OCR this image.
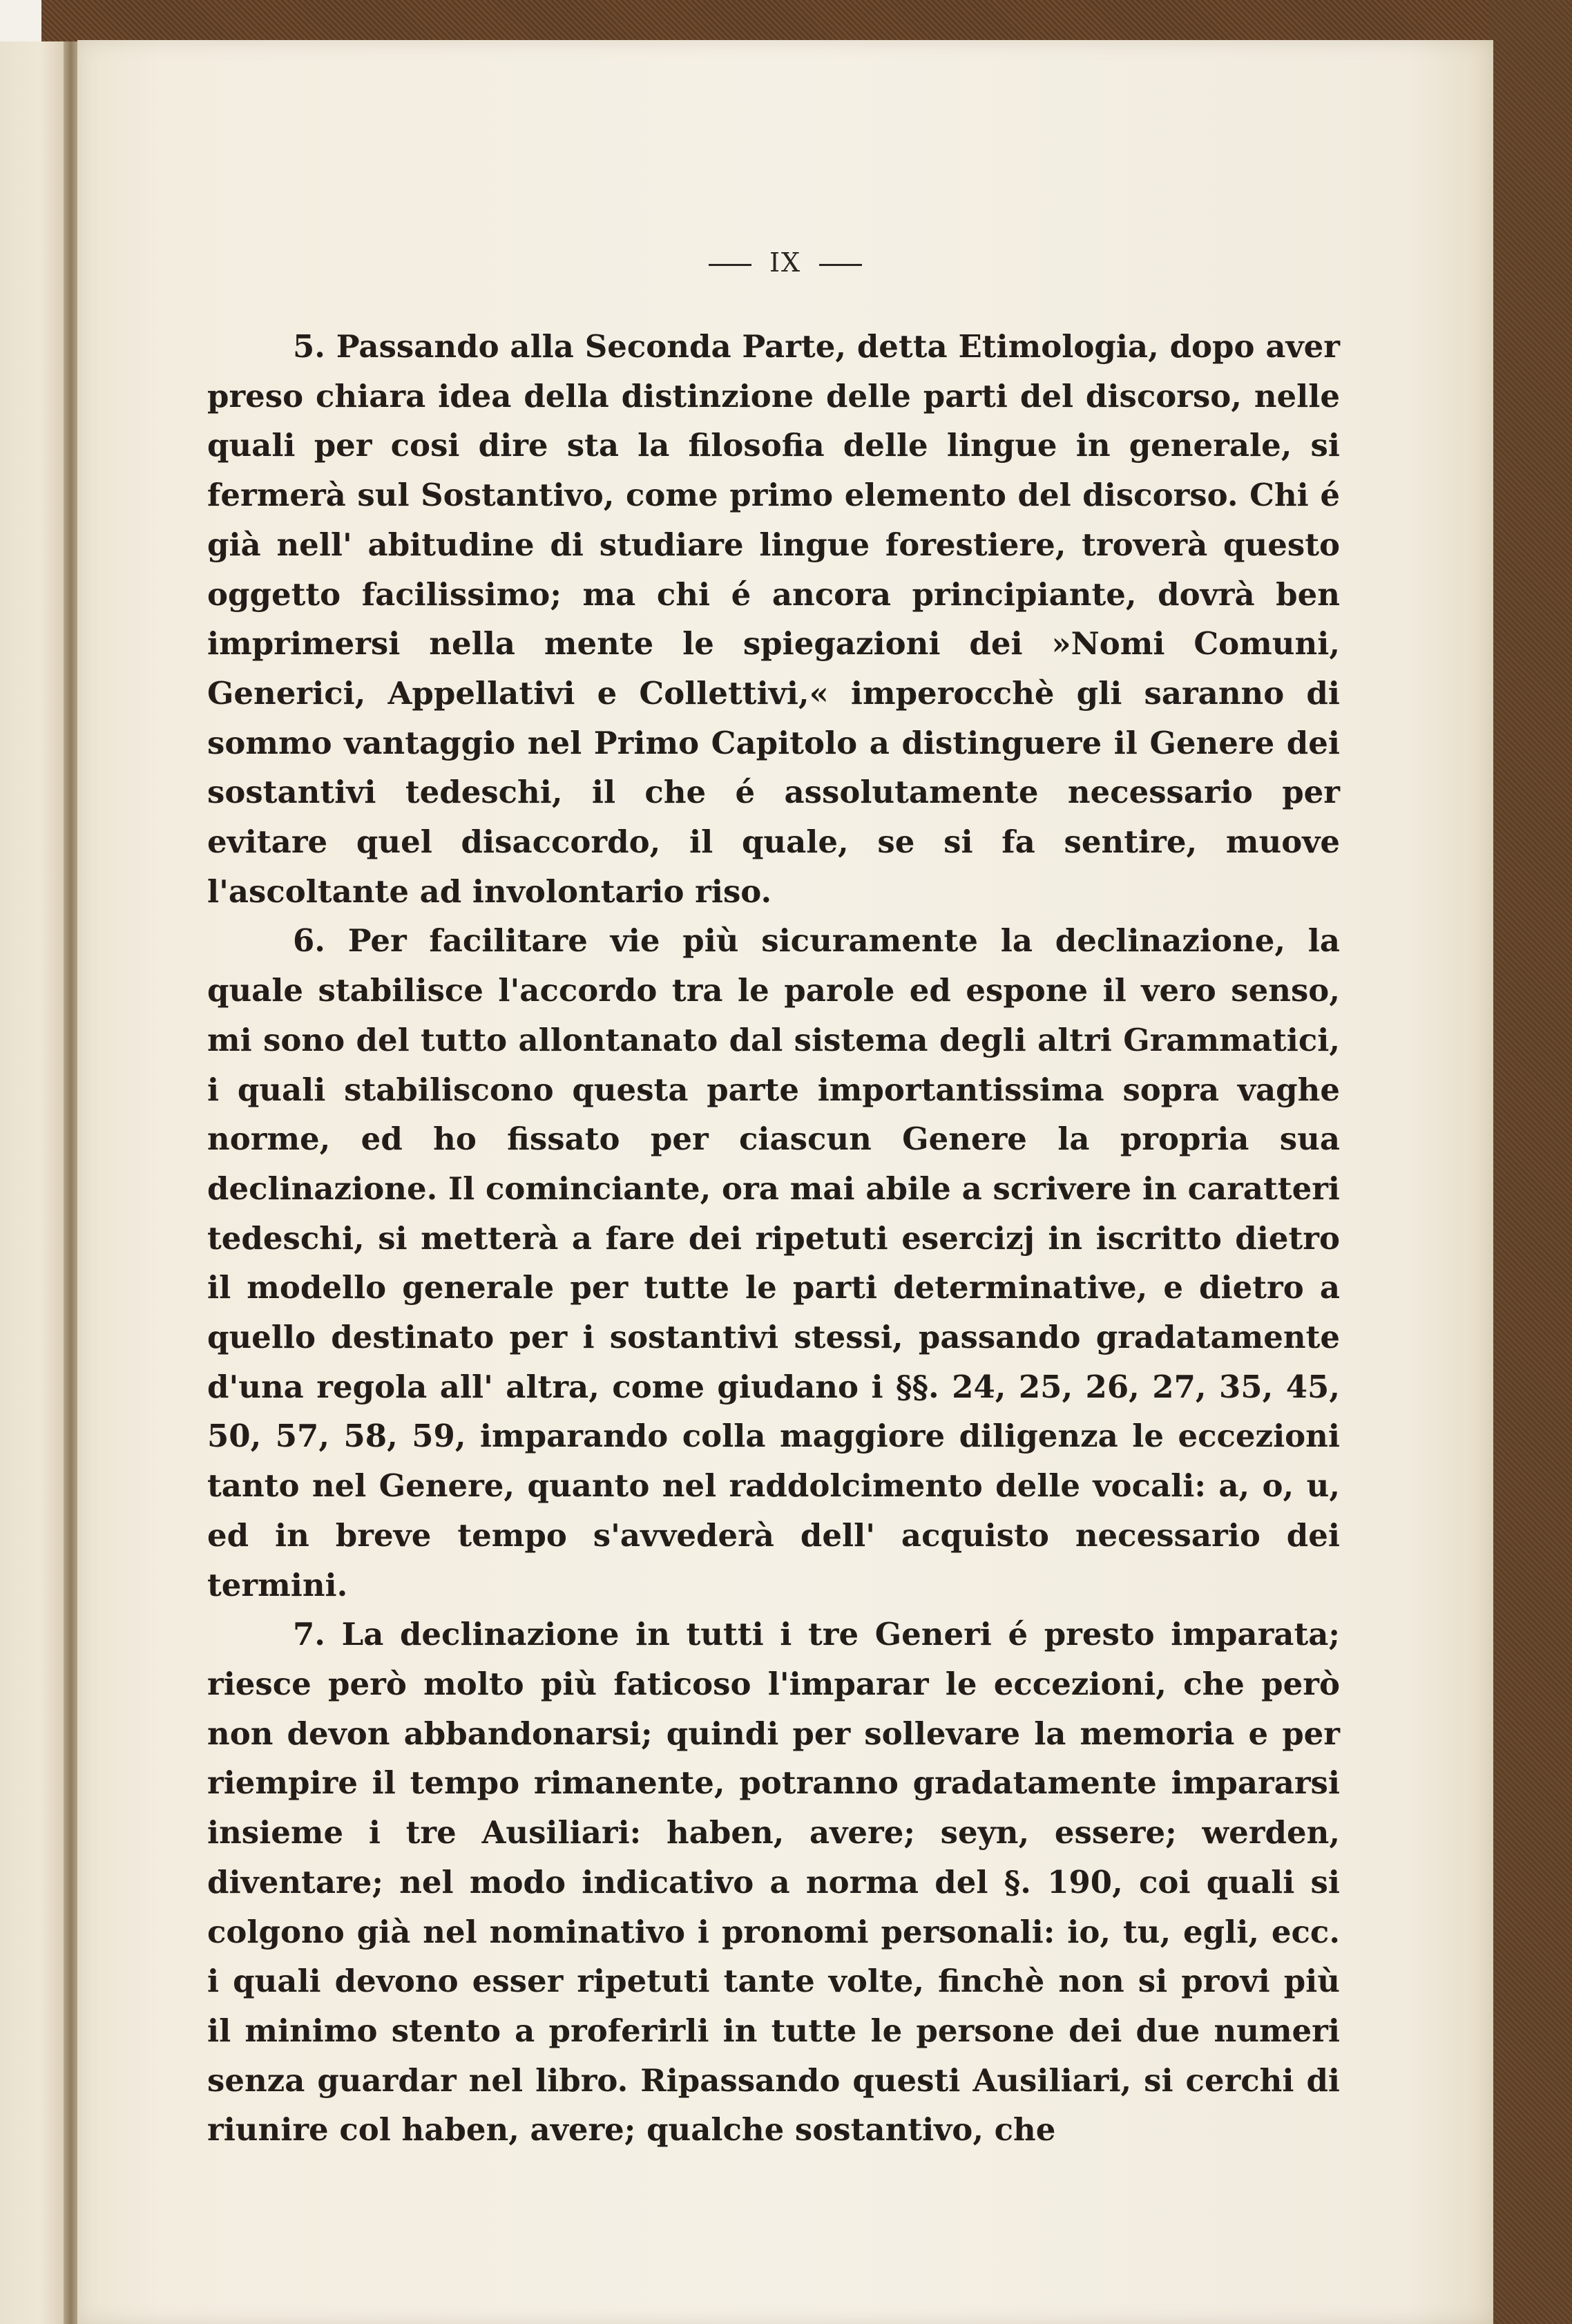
IX

5. Passando alla Seconda Parte, detta Etimologia, dopo aver preso chiara idea della distinzione delle parti del discorso, nelle quali per cosi dire sta la filosofia delle lingue in generale, si fermerà sul Sostantivo, come primo elemento del discorso. Chi é già nell' abitudine di studiare lingue forestiere, troverà questo oggetto facilissimo; ma chi é ancora principiante, dovrà ben imprimersi nella mente le spiegazioni dei »Nomi Comuni, Generici, Appellativi e Collettivi,« imperocchè gli saranno di sommo vantaggio nel Primo Capitolo a distinguere il Genere dei sostantivi tedeschi, il che é assolutamente necessario per evitare quel disaccordo, il quale, se si fa sentire, muove l'ascoltante ad involontario riso.

6. Per facilitare vie più sicuramente la declinazione, la quale stabilisce l'accordo tra le parole ed espone il vero senso, mi sono del tutto allontanato dal sistema degli altri Grammatici, i quali stabiliscono questa parte importantissima sopra vaghe norme, ed ho fissato per ciascun Genere la propria sua declinazione. Il cominciante, ora mai abile a scrivere in caratteri tedeschi, si metterà a fare dei ripetuti esercizj in iscritto dietro il modello generale per tutte le parti determinative, e dietro a quello destinato per i sostantivi stessi, passando gradatamente d'una regola all' altra, come giudano i §§. 24, 25, 26, 27, 35, 45, 50, 57, 58, 59, imparando colla maggiore diligenza le eccezioni tanto nel Genere, quanto nel raddolcimento delle vocali: a, o, u, ed in breve tempo s'avvederà dell' acquisto necessario dei termini.

7. La declinazione in tutti i tre Generi é presto imparata; riesce però molto più faticoso l'imparar le eccezioni, che però non devon abbandonarsi; quindi per sollevare la memoria e per riempire il tempo rimanente, potranno gradatamente impararsi insieme i tre Ausiliari: haben, avere; seyn, essere; werden, diventare; nel modo indicativo a norma del §. 190, coi quali si colgono già nel nominativo i pronomi personali: io, tu, egli, ecc. i quali devono esser ripetuti tante volte, finchè non si provi più il minimo stento a proferirli in tutte le persone dei due numeri senza guardar nel libro. Ripassando questi Ausiliari, si cerchi di riunire col haben, avere; qualche sostantivo, che
